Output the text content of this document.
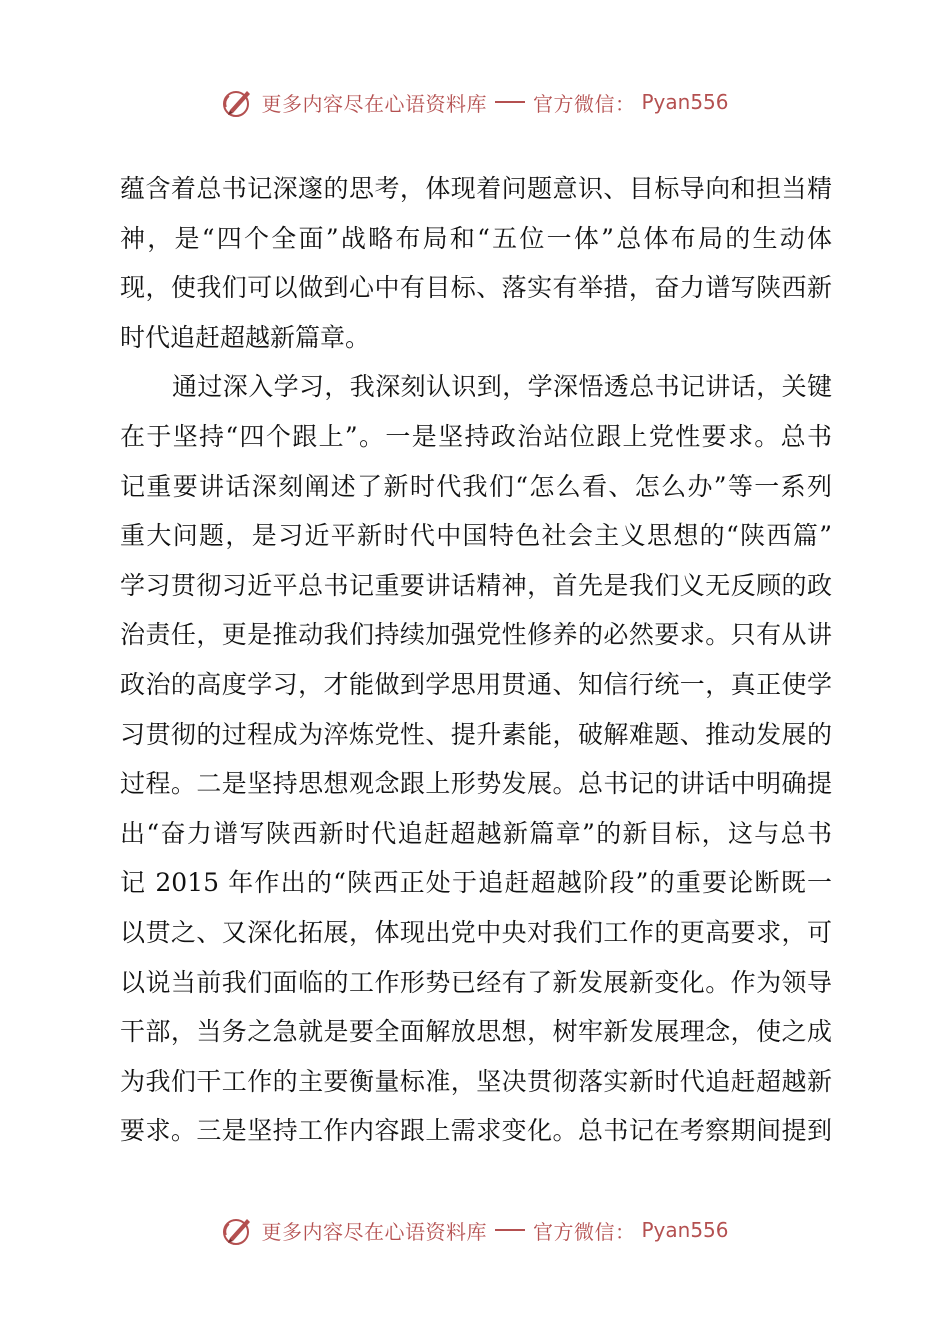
更多内容尽在心语资料库 官方微信： Pyan556
蕴含着总书记深邃的思考，体现着问题意识、目标导向和担当精
神，是“四个全面”战略布局和“五位一体”总体布局的生动体
现，使我们可以做到心中有目标、落实有举措，奋力谱写陕西新
时代追赶超越新篇章。
通过深入学习，我深刻认识到，学深悟透总书记讲话，关键
在于坚持“四个跟上”。一是坚持政治站位跟上党性要求。总书
记重要讲话深刻阐述了新时代我们“怎么看、怎么办”等一系列
重大问题，是习近平新时代中国特色社会主义思想的“陕西篇”
学习贯彻习近平总书记重要讲话精神，首先是我们义无反顾的政
治责任，更是推动我们持续加强党性修养的必然要求。只有从讲
政治的高度学习，才能做到学思用贯通、知信行统一，真正使学
习贯彻的过程成为淬炼党性、提升素能，破解难题、推动发展的
过程。二是坚持思想观念跟上形势发展。总书记的讲话中明确提
出“奋力谱写陕西新时代追赶超越新篇章”的新目标，这与总书
记 2015 年作出的“陕西正处于追赶超越阶段”的重要论断既一
以贯之、又深化拓展，体现出党中央对我们工作的更高要求，可
以说当前我们面临的工作形势已经有了新发展新变化。作为领导
干部，当务之急就是要全面解放思想，树牢新发展理念，使之成
为我们干工作的主要衡量标准，坚决贯彻落实新时代追赶超越新
要求。三是坚持工作内容跟上需求变化。总书记在考察期间提到
更多内容尽在心语资料库 官方微信： Pyan556
